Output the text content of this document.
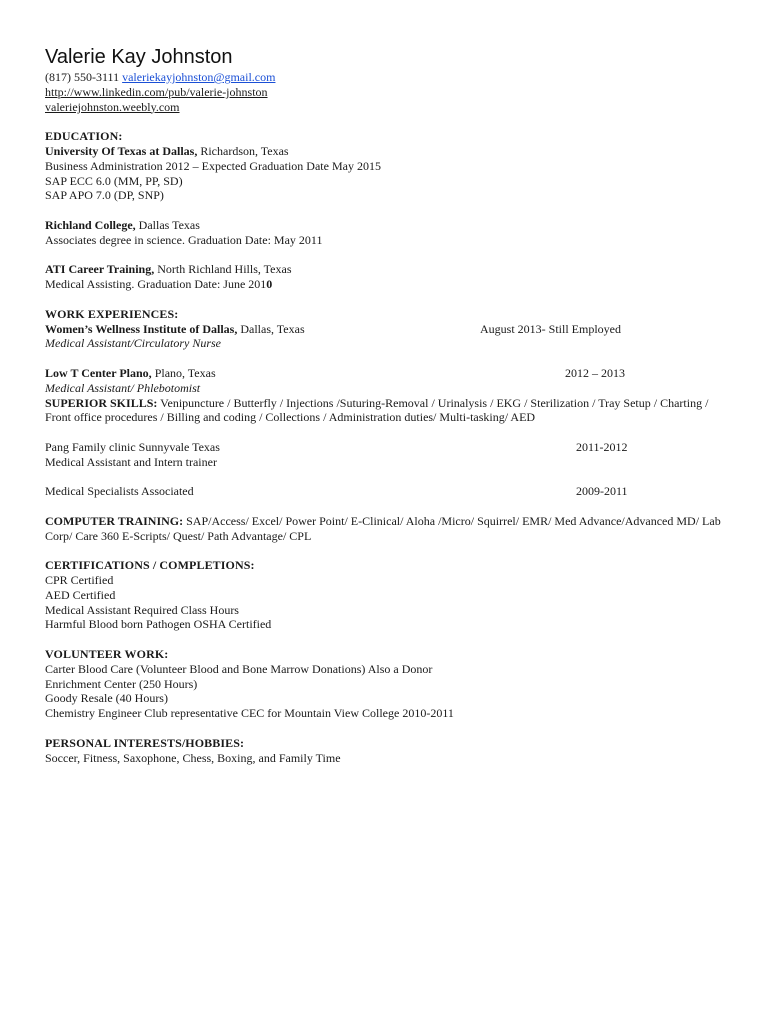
Valerie Kay Johnston
(817) 550-3111 valeriekayjohnston@gmail.com
http://www.linkedin.com/pub/valerie-johnston
valeriejohnston.weebly.com
EDUCATION:
University Of Texas at Dallas, Richardson, Texas
Business Administration 2012 – Expected Graduation Date May 2015
SAP ECC 6.0 (MM, PP, SD)
SAP APO 7.0 (DP, SNP)
Richland College, Dallas Texas
Associates degree in science. Graduation Date: May 2011
ATI Career Training, North Richland Hills, Texas
Medical Assisting. Graduation Date: June 2010
WORK EXPERIENCES:
Women’s Wellness Institute of Dallas, Dallas, Texas	August 2013- Still Employed
Medical Assistant/Circulatory Nurse
Low T Center Plano, Plano, Texas	2012 – 2013
Medical Assistant/ Phlebotomist
SUPERIOR SKILLS: Venipuncture / Butterfly / Injections /Suturing-Removal / Urinalysis / EKG / Sterilization / Tray Setup / Charting / Front office procedures / Billing and coding / Collections / Administration duties/ Multi-tasking/ AED
Pang Family clinic Sunnyvale Texas	2011-2012
Medical Assistant and Intern trainer
Medical Specialists Associated	2009-2011
COMPUTER TRAINING: SAP/Access/ Excel/ Power Point/ E-Clinical/ Aloha /Micro/ Squirrel/ EMR/ Med Advance/Advanced MD/ Lab Corp/ Care 360 E-Scripts/ Quest/ Path Advantage/ CPL
CERTIFICATIONS / COMPLETIONS:
CPR Certified
AED Certified
Medical Assistant Required Class Hours
Harmful Blood born Pathogen OSHA Certified
VOLUNTEER WORK:
Carter Blood Care (Volunteer Blood and Bone Marrow Donations) Also a Donor
Enrichment Center (250 Hours)
Goody Resale (40 Hours)
Chemistry Engineer Club representative CEC for Mountain View College 2010-2011
PERSONAL INTERESTS/HOBBIES:
Soccer, Fitness, Saxophone, Chess, Boxing, and Family Time
